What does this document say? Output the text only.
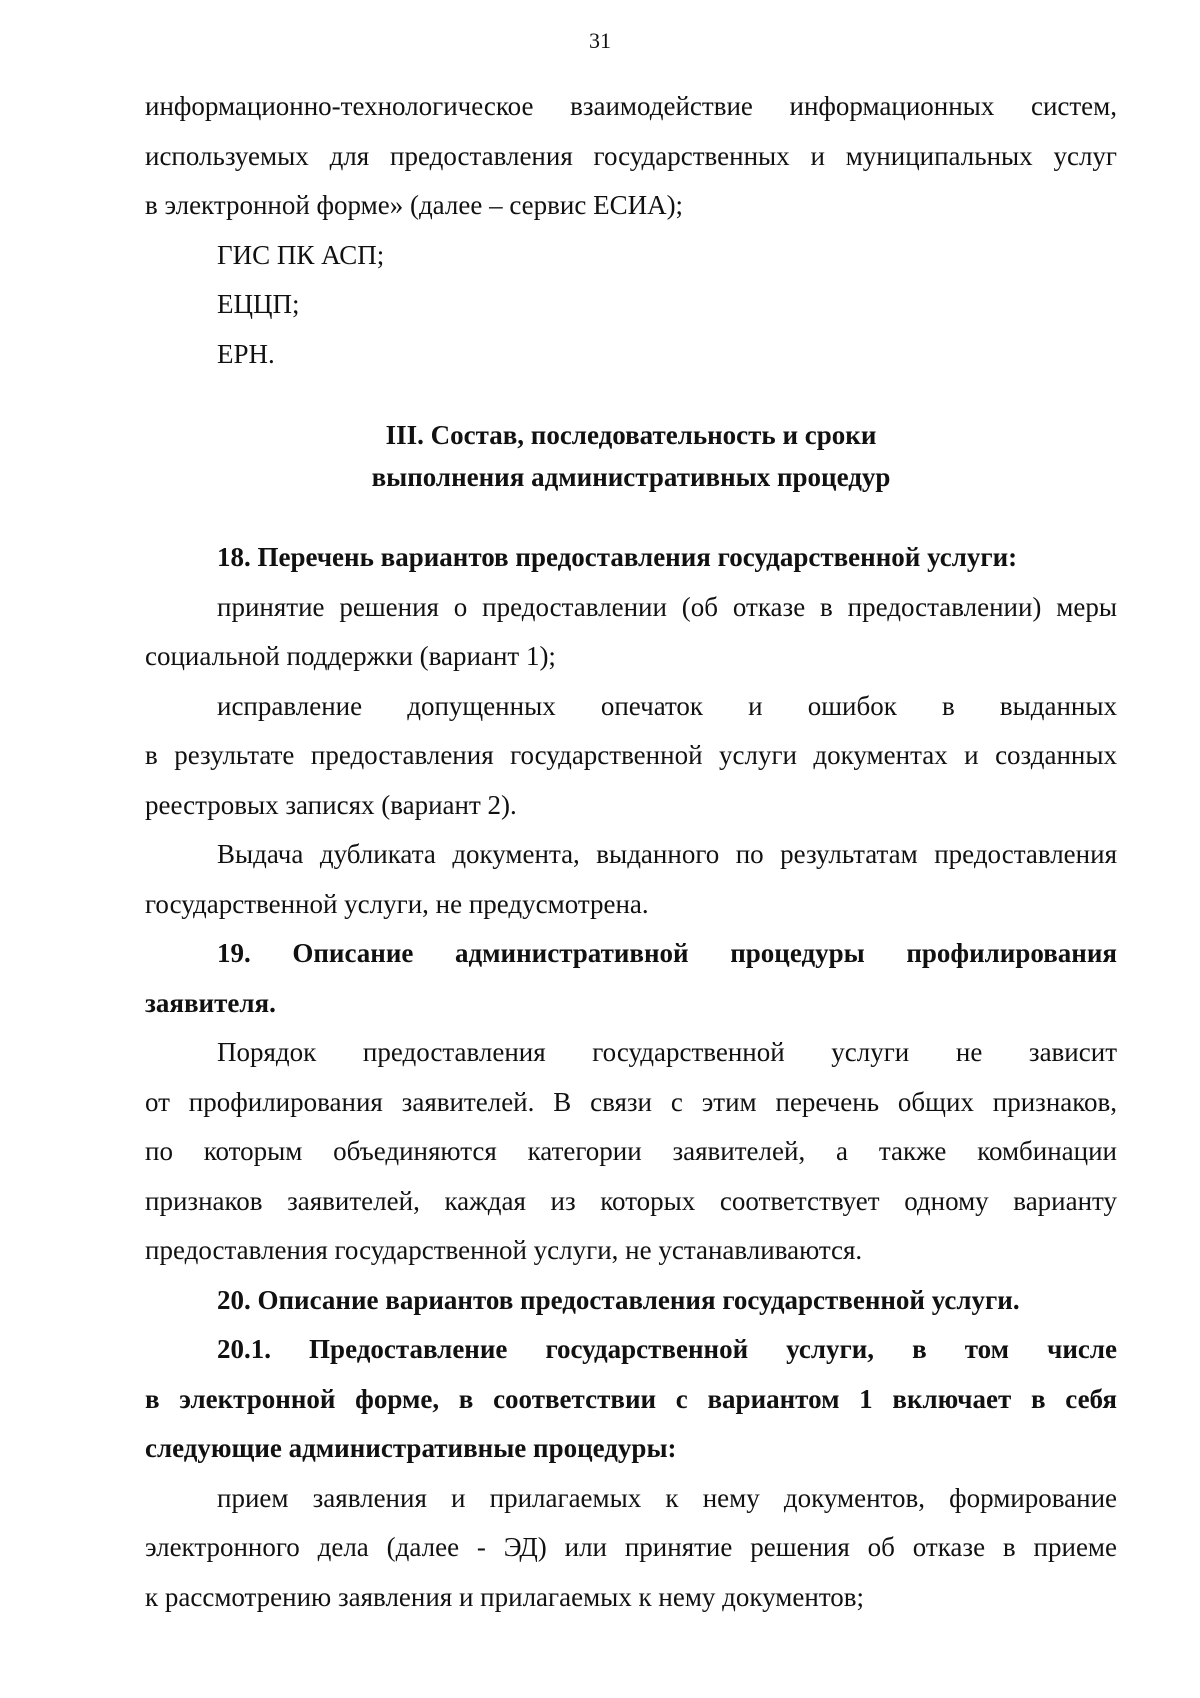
31

информационно-технологическое взаимодействие информационных систем,

используемых для предоставления государственных и муниципальных услуг

в электронной форме» (далее – сервис ЕСИА);

ГИС ПК АСП;

ЕЦЦП;

ЕРН.

III. Состав, последовательность и сроки
выполнения административных процедур

18. Перечень вариантов предоставления государственной услуги:

принятие решения о предоставлении (об отказе в предоставлении) меры

социальной поддержки (вариант 1);

исправление допущенных опечаток и ошибок в выданных

в результате предоставления государственной услуги документах и созданных

реестровых записях (вариант 2).

Выдача дубликата документа, выданного по результатам предоставления

государственной услуги, не предусмотрена.

19. Описание административной процедуры профилирования

заявителя.

Порядок предоставления государственной услуги не зависит

от профилирования заявителей. В связи с этим перечень общих признаков,

по которым объединяются категории заявителей, а также комбинации

признаков заявителей, каждая из которых соответствует одному варианту

предоставления государственной услуги, не устанавливаются.

20. Описание вариантов предоставления государственной услуги.

20.1. Предоставление государственной услуги, в том числе

в электронной форме, в соответствии с вариантом 1 включает в себя

следующие административные процедуры:

прием заявления и прилагаемых к нему документов, формирование

электронного дела (далее - ЭД) или принятие решения об отказе в приеме

к рассмотрению заявления и прилагаемых к нему документов;
